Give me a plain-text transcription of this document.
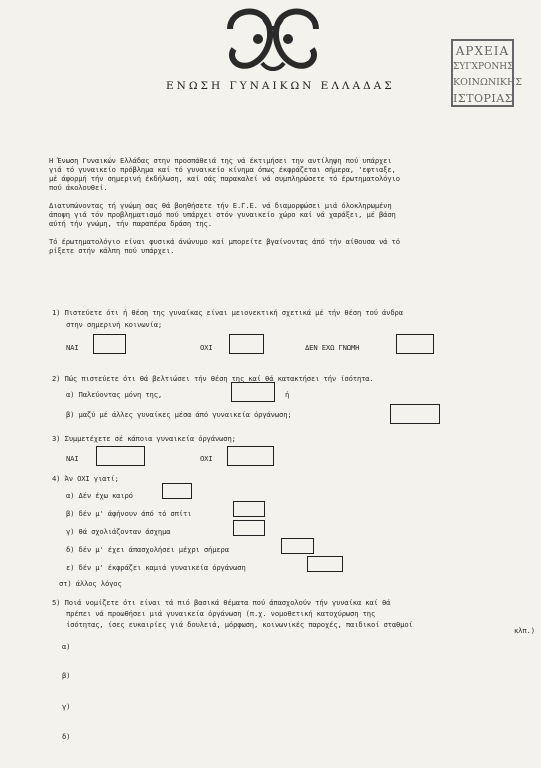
ΕΝΩΣΗ ΓΥΝΑΙΚΩΝ ΕΛΛΑΔΑΣ
ΑΡΧΕΙΑ
ΣΥΓΧΡΟΝΗΣ
ΚΟΙΝΩΝΙΚΗΣ
ΙΣΤΟΡΙΑΣ
Η Ένωση Γυναικών Ελλάδας στην προσπάθειά της νά έκτιμήσει την αντίληψη πού υπάρχει
γιά τό γυναικείο πρόβλημα καί τό γυναικείο κίνημα όπως έκφράζεται σήμερα, 'εφτιαξε,
μέ άφορμή τήν σημερινή έκδήλωση, καί σάς παρακαλεί νά συμπληρώσετε τό έρωτηματολόγιο
πού άκολουθεί.
Διατυπώνοντας τή γνώμη σας θά βοηθήσετε τήν Ε.Γ.Ε. νά διαμορφώσει μιά όλοκληρωμένη
άποψη γιά τόν προβληματισμό πού υπάρχει στόν γυναικείο χώρο καί νά χαράξει, μέ βάση
αύτή τήν γνώμη, τήν παραπέρα δράση της.
Τό έρωτηματολόγιο είναι φυσικά άνώνυμο καί μπορείτε βγαίνοντας άπό τήν αίθουσα νά τό
ρίξετε στήν κάλπη πού υπάρχει.
1) Πιστεύετε ότι ή θέση της γυναίκας είναι μειονεκτική σχετικά μέ τήν θέση τού άνδρα
στην σημερινή κοινωνία;
ΝΑΙ	ΟΧΙ	ΔΕΝ ΕΧΩ ΓΝΩΜΗ
2) Πώς πιστεύετε ότι θά βελτιώσει τήν θέση της καί θά κατακτήσει τήν ίσότητα.
α) Παλεύοντας μόνη της,	ή
β) μαζύ μέ άλλες γυναίκες μέσα άπό γυναικεία όργάνωση;
3) Συμμετέχετε σέ κάποια γυναικεία όργάνωση;
ΝΑΙ	ΟΧΙ
4) Άν ΟΧΙ γιατί;
α) Δέν έχω καιρό
β) δέν μ' άφήνουν άπό τό σπίτι
γ) θά σχολιάζονταν άσχημα
δ) δέν μ' έχει άπασχολήσει μέχρι σήμερα
ε) δέν μ' έκφράζει καμιά γυναικεία όργάνωση
στ) άλλος λόγος
5) Ποιά νομίζετε ότι είναι τά πιό βασικά θέματα πού άπασχολούν τήν γυναίκα καί θά
πρέπει νά προωθήσει μιά γυναικεία όργάνωση (π.χ. νομοθετική κατοχύρωση της
ίσότητας, ίσες ευκαιρίες γιά δουλειά, μόρφωση, κοινωνικές παροχές, παιδικοί σταθμοί
κλπ.)
α)
β)
γ)
δ)
